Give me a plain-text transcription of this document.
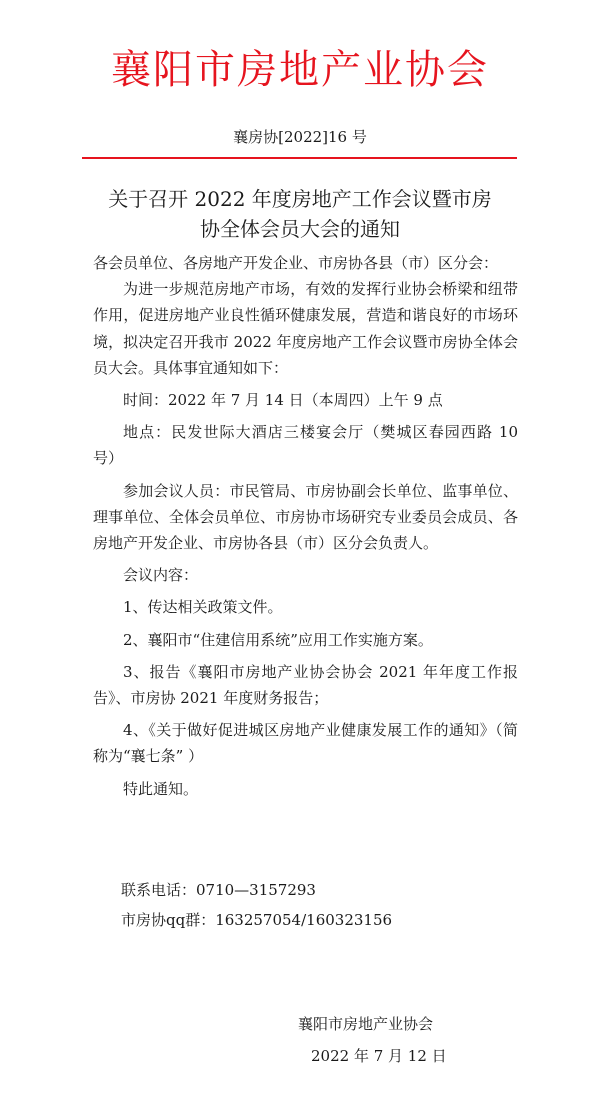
襄阳市房地产业协会
襄房协[2022]16 号
关于召开 2022 年度房地产工作会议暨市房
协全体会员大会的通知

各会员单位、各房地产开发企业、市房协各县（市）区分会：

为进一步规范房地产市场，有效的发挥行业协会桥梁和纽带作用，促进房地产业良性循环健康发展，营造和谐良好的市场环境，拟决定召开我市 2022 年度房地产工作会议暨市房协全体会员大会。具体事宜通知如下：

时间：2022 年 7 月 14 日（本周四）上午 9 点

地点：民发世际大酒店三楼宴会厅（樊城区春园西路 10 号）

参加会议人员：市民管局、市房协副会长单位、监事单位、理事单位、全体会员单位、市房协市场研究专业委员会成员、各房地产开发企业、市房协各县（市）区分会负责人。

会议内容：

1、传达相关政策文件。

2、襄阳市“住建信用系统”应用工作实施方案。

3、报告《襄阳市房地产业协会协会 2021 年年度工作报告》、市房协 2021 年度财务报告；

4、《关于做好促进城区房地产业健康发展工作的通知》（简称为“襄七条” ）

特此通知。

联系电话：0710—3157293
市房协qq群：163257054/160323156
襄阳市房地产业协会
2022 年 7 月 12 日
